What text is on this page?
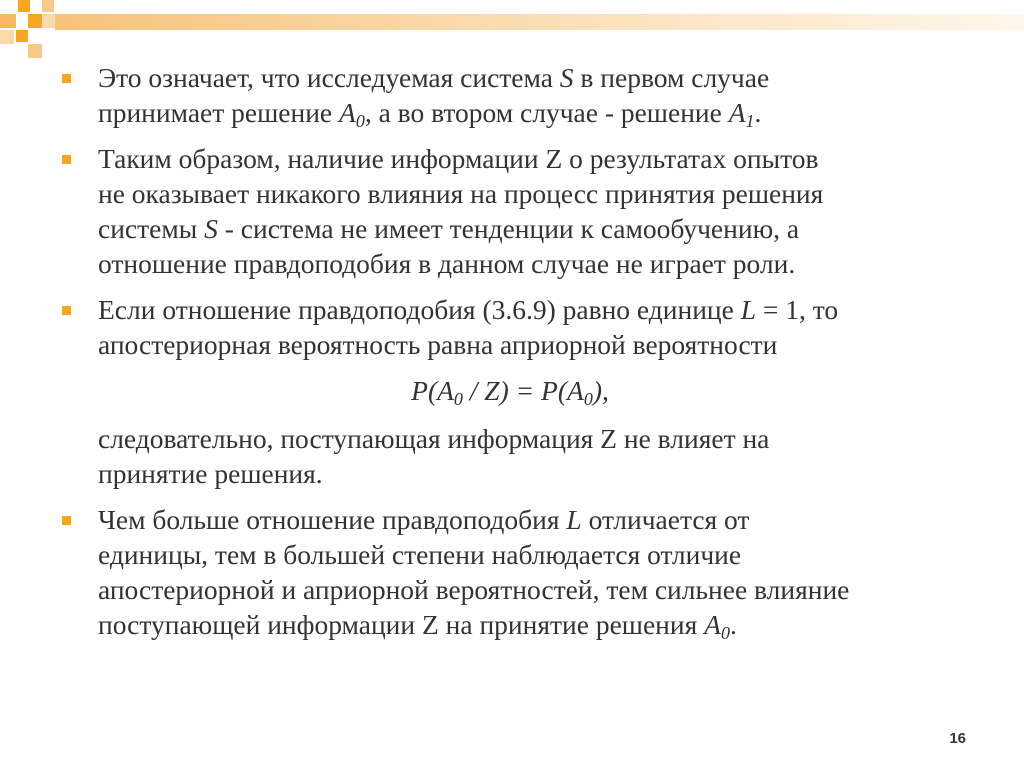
Это означает, что исследуемая система S в первом случае
принимает решение $A_0$, а во втором случае - решение $A_1$.
Таким образом, наличие информации Z о результатах опытов
не оказывает никакого влияния на процесс принятия решения
системы S - система не имеет тенденции к самообучению, а
отношение правдоподобия в данном случае не играет роли.
Если отношение правдоподобия (3.6.9) равно единице L = 1, то
апостериорная вероятность равна априорной вероятности
$P(A_0 / Z) = P(A_0)$,
следовательно, поступающая информация Z не влияет на
принятие решения.
Чем больше отношение правдоподобия L отличается от
единицы, тем в большей степени наблюдается отличие
апостериорной и априорной вероятностей, тем сильнее влияние
поступающей информации Z на принятие решения $A_0$.
16
